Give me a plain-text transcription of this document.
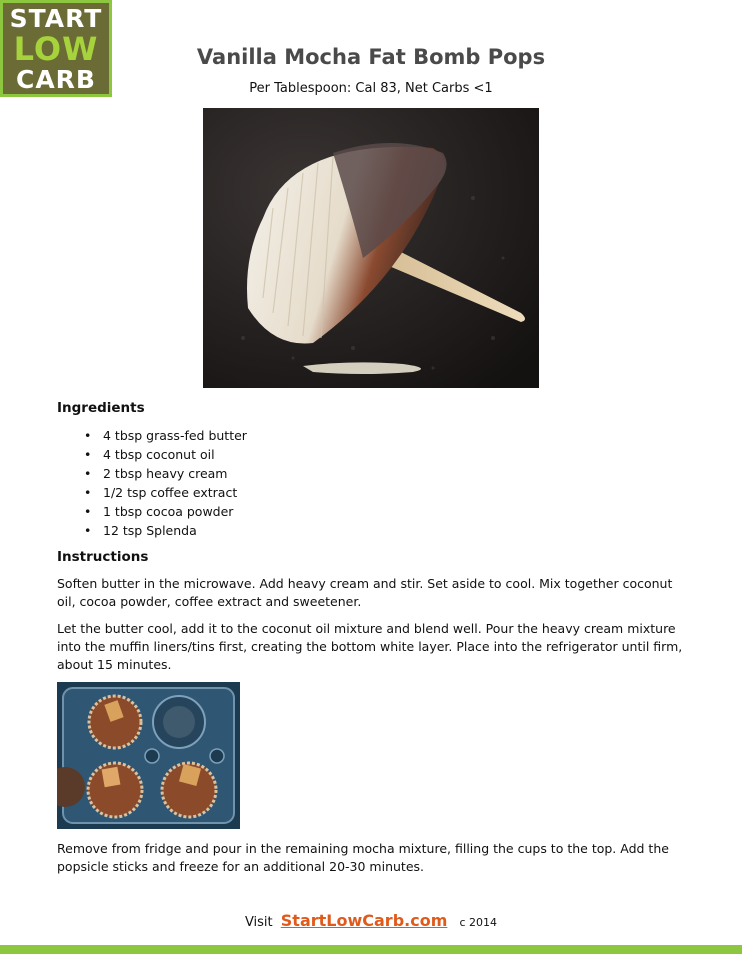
START
LOW
CARB
Vanilla Mocha Fat Bomb Pops
Per Tablespoon: Cal 83, Net Carbs <1
Ingredients
• 4 tbsp grass-fed butter
• 4 tbsp coconut oil
• 2 tbsp heavy cream
• 1/2 tsp coffee extract
• 1 tbsp cocoa powder
• 12 tsp Splenda
Instructions

Soften butter in the microwave. Add heavy cream and stir. Set aside to cool. Mix together coconut oil, cocoa powder, coffee extract and sweetener.

Let the butter cool, add it to the coconut oil mixture and blend well. Pour the heavy cream mixture into the muffin liners/tins first, creating the bottom white layer. Place into the refrigerator until firm, about 15 minutes.

Remove from fridge and pour in the remaining mocha mixture, filling the cups to the top. Add the popsicle sticks and freeze for an additional 20-30 minutes.

Visit StartLowCarb.com c 2014
